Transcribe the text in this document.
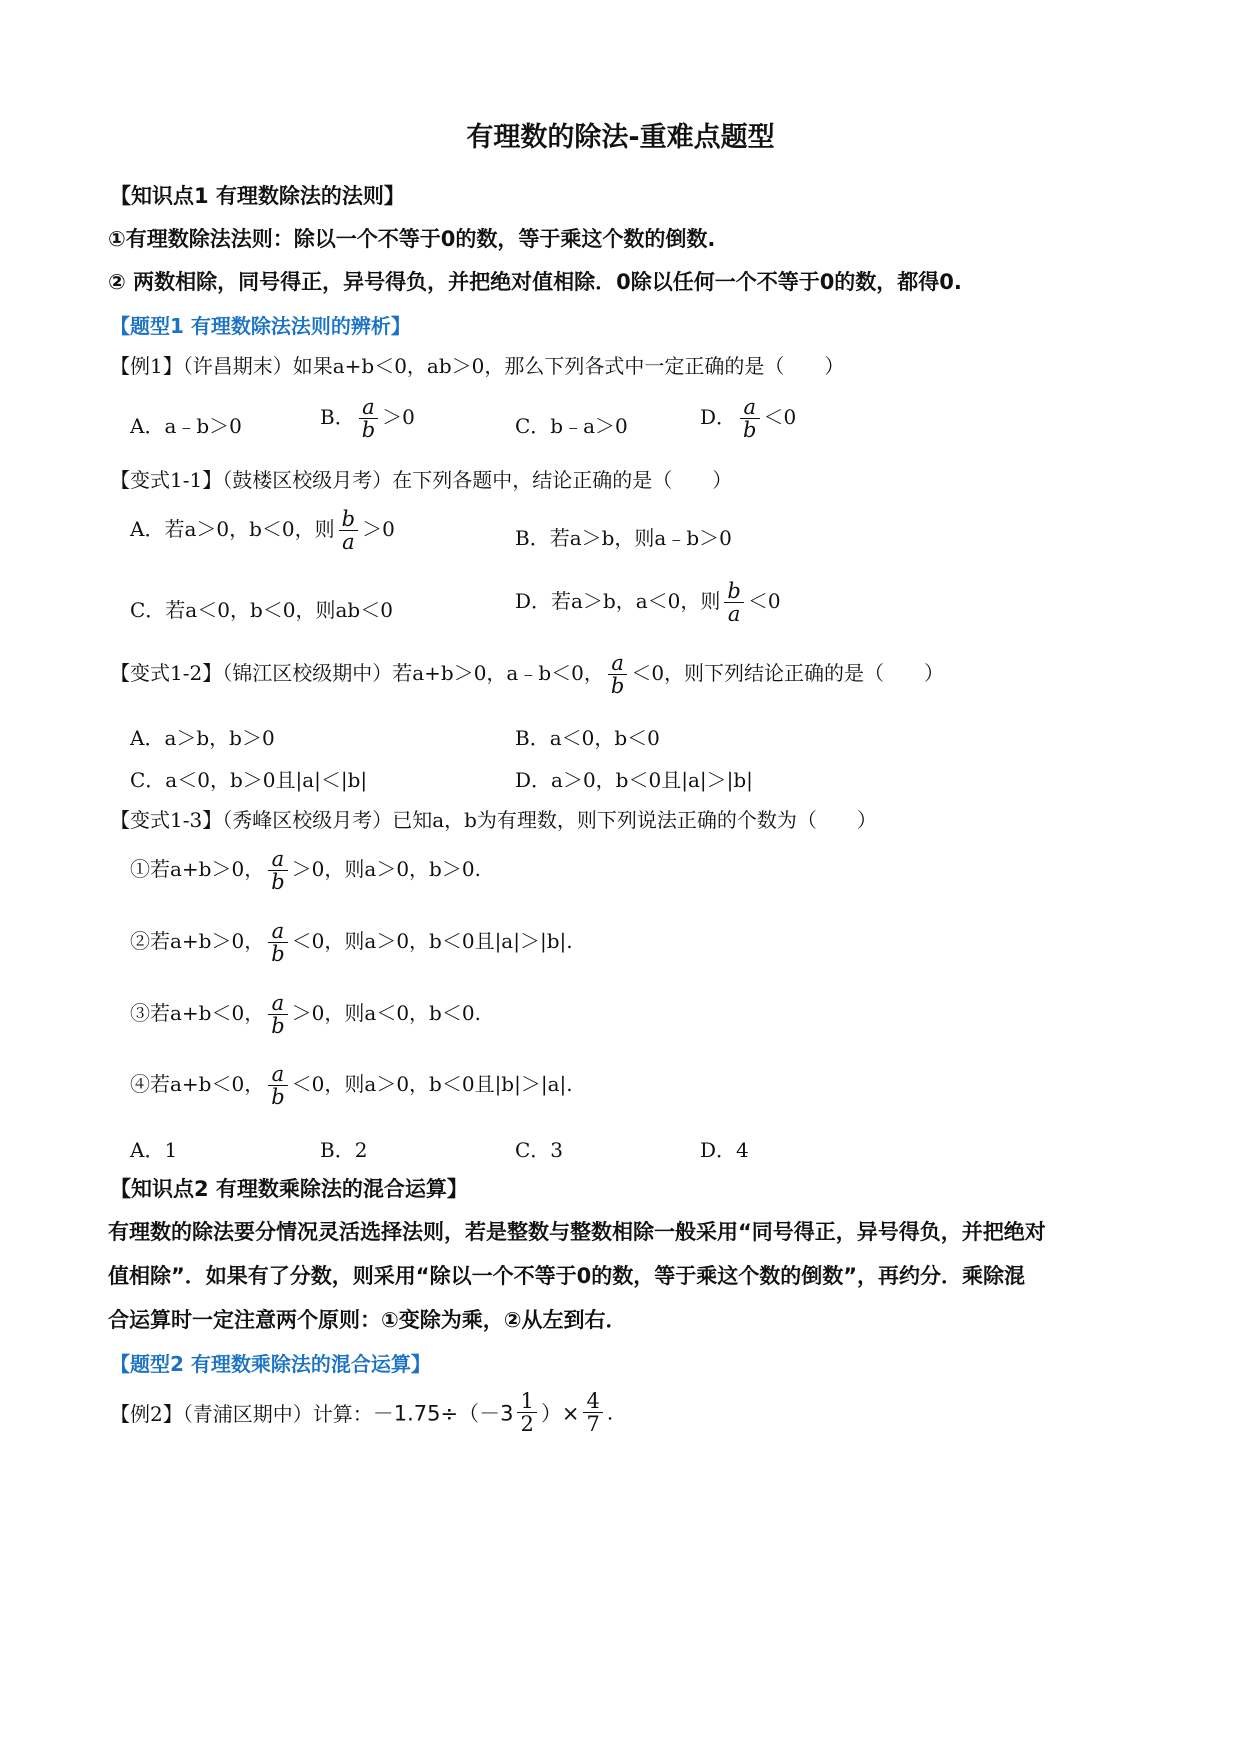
有理数的除法-重难点题型
【知识点1 有理数除法的法则】
①有理数除法法则：除以一个不等于0的数，等于乘这个数的倒数.
② 两数相除，同号得正，异号得负，并把绝对值相除．0除以任何一个不等于0的数，都得0.
【题型1 有理数除法法则的辨析】
【例1】（许昌期末）如果a+b＜0，ab＞0，那么下列各式中一定正确的是（　　）
A．a﹣b＞0	B． $\frac{a}{b} >0$	C．b﹣a＞0	D． $\frac{a}{b} <0$
【变式1-1】（鼓楼区校级月考）在下列各题中，结论正确的是（　　）
A．若a＞0，b＜0，则 $\frac{b}{a} >0$	B．若a＞b，则a﹣b＞0
C．若a＜0，b＜0，则ab＜0	D．若a＞b，a＜0，则 $\frac{b}{a} <0$
【变式1-2】（锦江区校级期中）若a+b＞0，a﹣b＜0， $\frac{a}{b} <0$，则下列结论正确的是（　　）
A．a＞b，b＞0	B．a＜0，b＜0
C．a＜0，b＞0且|a|＜|b|	D．a＞0，b＜0且|a|＞|b|
【变式1-3】（秀峰区校级月考）已知a，b为有理数，则下列说法正确的个数为（　　）
①若a+b＞0， $\frac{a}{b} >0$，则a＞0，b＞0.
②若a+b＞0， $\frac{a}{b} <0$，则a＞0，b＜0且|a|＞|b|.
③若a+b＜0， $\frac{a}{b} >0$，则a＜0，b＜0.
④若a+b＜0， $\frac{a}{b} <0$，则a＞0，b＜0且|b|＞|a|.
A．1	B．2	C．3	D．4
【知识点2 有理数乘除法的混合运算】
有理数的除法要分情况灵活选择法则，若是整数与整数相除一般采用“同号得正，异号得负，并把绝对
值相除”．如果有了分数，则采用“除以一个不等于0的数，等于乘这个数的倒数”，再约分．乘除混
合运算时一定注意两个原则：①变除为乘，②从左到右．
【题型2 有理数乘除法的混合运算】
【例2】（青浦区期中）计算：$-1.75\div(-3 \frac{1}{2}$ ）× $\frac{4}{7}$ .
